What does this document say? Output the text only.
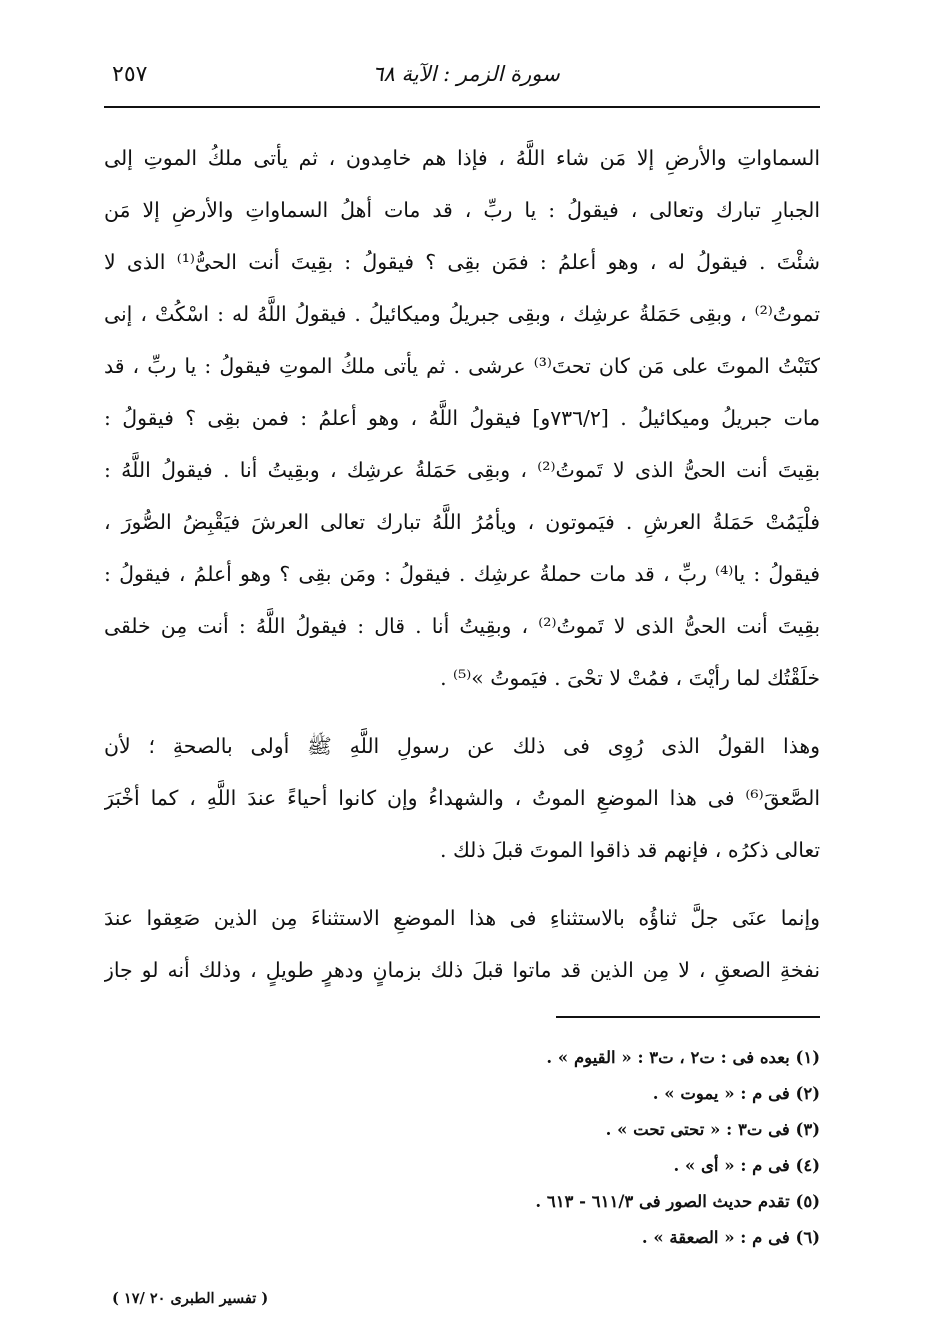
٢٥٧	سورة الزمر : الآية ٦٨
السماواتِ والأرضِ إلا مَن شاء اللَّهُ ، فإذا هم خامِدون ، ثم يأتى ملكُ الموتِ إلى
الجبارِ تبارك وتعالى ، فيقولُ : يا ربِّ ، قد مات أهلُ السماواتِ والأرضِ إلا مَن
شئْتَ . فيقولُ له ، وهو أعلمُ : فمَن بقِى ؟ فيقولُ : بقِيتَ أنت الحىُّ⁽¹⁾ الذى لا
تموتُ⁽²⁾ ، وبقِى حَمَلةُ عرشِك ، وبقِى جبريلُ وميكائيلُ . فيقولُ اللَّهُ له : اسْكُتْ ، إنى
كتَبْتُ الموتَ على مَن كان تحتَ⁽³⁾ عرشى . ثم يأتى ملكُ الموتِ فيقولُ : يا ربِّ ، قد
مات جبريلُ وميكائيلُ . [٧٣٦/٢و] فيقولُ اللَّهُ ، وهو أعلمُ : فمن بقِى ؟ فيقولُ :
بقِيتَ أنت الحىُّ الذى لا تَموتُ⁽²⁾ ، وبقِى حَمَلةُ عرشِك ، وبقِيتُ أنا . فيقولُ اللَّهُ :
فلْيَمُتْ حَمَلةُ العرشِ . فيَموتون ، ويأمُرُ اللَّهُ تبارك تعالى العرشَ فيَقْبِضُ الصُّورَ ،
فيقولُ : يا⁽⁴⁾ ربِّ ، قد مات حملةُ عرشِك . فيقولُ : ومَن بقِى ؟ وهو أعلمُ ، فيقولُ :
بقِيتَ أنت الحىُّ الذى لا تَموتُ⁽²⁾ ، وبقِيتُ أنا . قال : فيقولُ اللَّهُ : أنت مِن خلقى
خلَقْتُك لما رأيْتَ ، فمُتْ لا تحْىَ . فيَموتُ »⁽⁵⁾ .
وهذا القولُ الذى رُوِى فى ذلك عن رسولِ اللَّهِ ﷺ أولى بالصحةِ ؛ لأن
الصَّعقَ⁽⁶⁾ فى هذا الموضعِ الموتُ ، والشهداءُ وإن كانوا أحياءً عندَ اللَّهِ ، كما أخْبَرَ
تعالى ذكرُه ، فإنهم قد ذاقوا الموتَ قبلَ ذلك .
وإنما عنَى جلَّ ثناؤُه بالاستثناءِ فى هذا الموضعِ الاستثناءَ مِن الذين صَعِقوا عندَ
نفخةِ الصعقِ ، لا مِن الذين قد ماتوا قبلَ ذلك بزمانٍ ودهرٍ طويلٍ ، وذلك أنه لو جاز
(١) بعده فى : ت٢ ، ت٣ : « القيوم » .
(٢) فى م : « يموت » .
(٣) فى ت٣ : « تحتى تحت » .
(٤) فى م : « أى » .
(٥) تقدم حديث الصور فى ٦١١/٣ - ٦١٣ .
(٦) فى م : « الصعقة » .
( تفسير الطبرى ٢٠ /١٧ )
